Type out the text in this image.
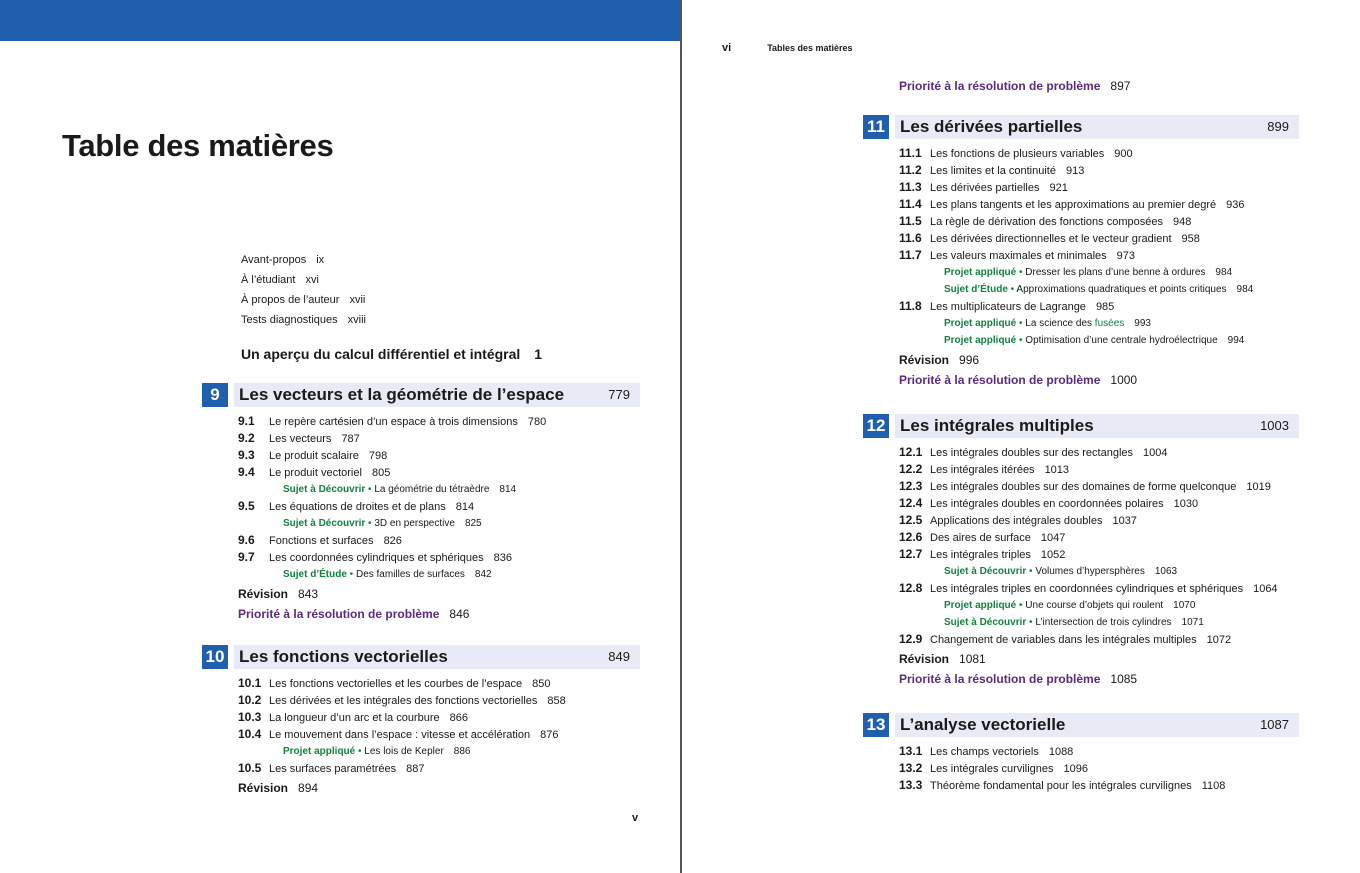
Table des matières
Avant-propos ix
À l’étudiant xvi
À propos de l’auteur xvii
Tests diagnostiques xviii
Un aperçu du calcul différentiel et intégral 1
9	Les vecteurs et la géométrie de l’espace	779
9.1 Le repère cartésien d’un espace à trois dimensions 780
9.2 Les vecteurs 787
9.3 Le produit scalaire 798
9.4 Le produit vectoriel 805
Sujet à Découvrir • La géométrie du tétraèdre 814
9.5 Les équations de droites et de plans 814
Sujet à Découvrir • 3D en perspective 825
9.6 Fonctions et surfaces 826
9.7 Les coordonnées cylindriques et sphériques 836
Sujet d’Étude • Des familles de surfaces 842
Révision 843
Priorité à la résolution de problème 846
10 Les fonctions vectorielles	849
10.1 Les fonctions vectorielles et les courbes de l’espace 850
10.2 Les dérivées et les intégrales des fonctions vectorielles 858
10.3 La longueur d’un arc et la courbure 866
10.4 Le mouvement dans l’espace : vitesse et accélération 876
Projet appliqué • Les lois de Kepler 886
10.5 Les surfaces paramétrées 887
Révision 894
v
vi	Tables des matières
Priorité à la résolution de problème 897
11 Les dérivées partielles	899
11.1 Les fonctions de plusieurs variables 900
11.2 Les limites et la continuité 913
11.3 Les dérivées partielles 921
11.4 Les plans tangents et les approximations au premier degré 936
11.5 La règle de dérivation des fonctions composées 948
11.6 Les dérivées directionnelles et le vecteur gradient 958
11.7 Les valeurs maximales et minimales 973
Projet appliqué • Dresser les plans d’une benne à ordures 984
Sujet d’Étude • Approximations quadratiques et points critiques 984
11.8 Les multiplicateurs de Lagrange 985
Projet appliqué • La science des fusées 993
Projet appliqué • Optimisation d’une centrale hydroélectrique 994
Révision 996
Priorité à la résolution de problème 1000
12 Les intégrales multiples	1003
12.1 Les intégrales doubles sur des rectangles 1004
12.2 Les intégrales itérées 1013
12.3 Les intégrales doubles sur des domaines de forme quelconque 1019
12.4 Les intégrales doubles en coordonnées polaires 1030
12.5 Applications des intégrales doubles 1037
12.6 Des aires de surface 1047
12.7 Les intégrales triples 1052
Sujet à Découvrir • Volumes d’hypersphères 1063
12.8 Les intégrales triples en coordonnées cylindriques et sphériques 1064
Projet appliqué • Une course d’objets qui roulent 1070
Sujet à Découvrir • L’intersection de trois cylindres 1071
12.9 Changement de variables dans les intégrales multiples 1072
Révision 1081
Priorité à la résolution de problème 1085
13 L’analyse vectorielle	1087
13.1 Les champs vectoriels 1088
13.2 Les intégrales curvilignes 1096
13.3 Théorème fondamental pour les intégrales curvilignes 1108
